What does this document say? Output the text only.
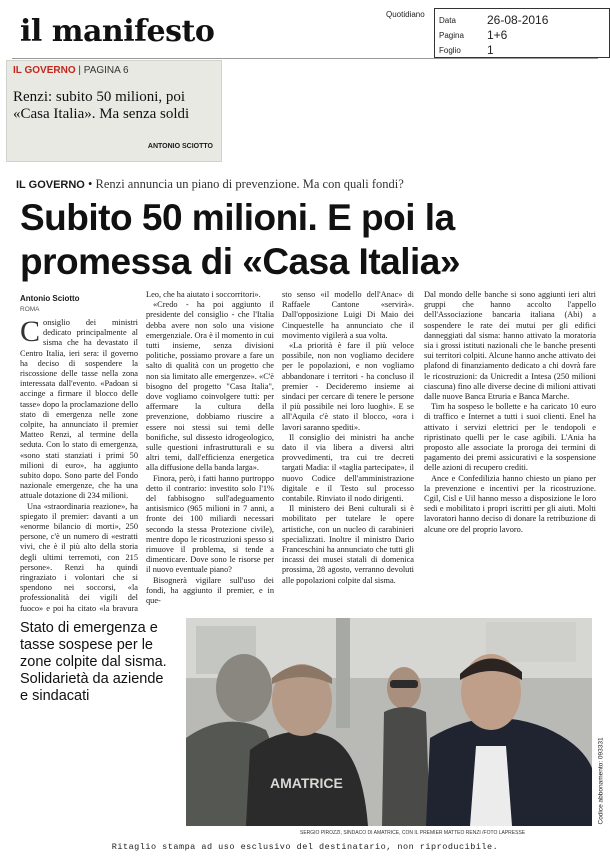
il manifesto	Quotidiano
Data	26-08-2016
Pagina	1+6
Foglio	1
IL GOVERNO | PAGINA 6
Renzi: subito 50 milioni, poi «Casa Italia». Ma senza soldi
ANTONIO SCIOTTO
IL GOVERNO • Renzi annuncia un piano di prevenzione. Ma con quali fondi?
Subito 50 milioni. E poi la promessa di «Casa Italia»
Antonio Sciotto
ROMA

Consiglio dei ministri dedicato principalmente al sisma che ha devastato il Centro Italia, ieri sera: il governo ha deciso di sospendere la riscossione delle tasse nella zona interessata dall'evento. «Padoan si accinge a firmare il blocco delle tasse» dopo la proclamazione dello stato di emergenza nelle zone colpite, ha annunciato il premier Matteo Renzi, al termine della seduta. Con lo stato di emergenza, «sono stati stanziati i primi 50 milioni di euro», ha aggiunto subito dopo. Sono parte del Fondo nazionale emergenze, che ha una attuale dotazione di 234 milioni.

Una «straordinaria reazione», ha spiegato il premier: davanti a un «enorme bilancio di morti», 250 persone, c'è un numero di «estratti vivi, che è il più alto della storia degli ultimi terremoti, con 215 persone». Renzi ha quindi ringraziato i volontari che si spendono nei soccorsi, «la professionalità dei vigili del fuoco» e poi ha citato «la bravura

Leo, che ha aiutato i soccorritori».

«Credo - ha poi aggiunto il presidente del consiglio - che l'Italia debba avere non solo una visione emergenziale. Ora è il momento in cui tutti insieme, senza divisioni politiche, possiamo provare a fare un salto di qualità con un progetto che non sia limitato alle emergenze». «C'è bisogno del progetto "Casa Italia", dove vogliamo coinvolgere tutti: per affermare la cultura della prevenzione, dobbiamo riuscire a essere noi stessi sui temi delle bonifiche, sul dissesto idrogeologico, sulle questioni infrastrutturali e su altri temi, dall'efficienza energetica alla diffusione della banda larga».

Finora, però, i fatti hanno purtroppo detto il contrario: investito solo l'1% del fabbisogno sull'adeguamento antisismico (965 milioni in 7 anni, a fronte dei 100 miliardi necessari secondo la stessa Protezione civile), mentre dopo le ricostruzioni spesso si rimuove il problema, si tende a dimenticare. Dove sono le risorse per il nuovo eventuale piano?

Bisognerà vigilare sull'uso dei fondi, ha aggiunto il premier, e in que-

sto senso «il modello dell'Anac» di Raffaele Cantone «servirà». Dall'opposizione Luigi Di Maio dei Cinquestelle ha annunciato che il movimento vigilerà a sua volta.

«La priorità è fare il più veloce possibile, non non vogliamo decidere per le popolazioni, e non vogliamo abbandonare i territori - ha concluso il premier - Decideremo insieme ai sindaci per cercare di tenere le persone il più possibile nei loro luoghi». E se all'Aquila c'è stato il blocco, «ora i lavori saranno spediti».

Il consiglio dei ministri ha anche dato il via libera a diversi altri provvedimenti, tra cui tre decreti targati Madia: il «taglia partecipate», il nuovo Codice dell'amministrazione digitale e il Testo sul processo contabile. Rinviato il nodo dirigenti.

Il ministero dei Beni culturali si è mobilitato per tutelare le opere artistiche, con un nucleo di carabinieri specializzati. Inoltre il ministro Dario Franceschini ha annunciato che tutti gli incassi dei musei statali di domenica prossima, 28 agosto, verranno devoluti alle popolazioni colpite dal sisma.

Dal mondo delle banche si sono aggiunti ieri altri gruppi che hanno accolto l'appello dell'Associazione bancaria italiana (Abi) a sospendere le rate dei mutui per gli edifici danneggiati dal sisma: hanno attivato la moratoria sia i grossi istituti nazionali che le banche presenti sui territori colpiti. Alcune hanno anche attivato dei plafond di finanziamento dedicato a chi dovrà fare le ricostruzioni: da Unicredit a Intesa (250 milioni ciascuna) fino alle diverse decine di milioni attivati dalle nuove Banca Etruria e Banca Marche.

Tim ha sospeso le bollette e ha caricato 10 euro di traffico e Internet a tutti i suoi clienti. Enel ha attivato i servizi elettrici per le tendopoli e ripristinato quelli per le case agibili. L'Ania ha proposto alle associate la proroga dei termini di pagamento dei premi assicurativi e la sospensione delle azioni di recupero crediti.

Ance e Confedilizia hanno chiesto un piano per la prevenzione e incentivi per la ricostruzione. Cgil, Cisl e Uil hanno messo a disposizione le loro sedi e mobilitato i propri iscritti per gli aiuti. Molti lavoratori hanno deciso di donare la retribuzione di alcune ore del proprio lavoro.

Stato di emergenza e tasse sospese per le zone colpite dal sisma. Solidarietà da aziende e sindacati
AMATRICE
SERGIO PIROZZI, SINDACO DI AMATRICE, CON IL PREMIER MATTEO RENZI /FOTO LAPRESSE
Codice abbonamento: 093331
Ritaglio stampa ad uso esclusivo del destinatario, non riproducibile.
